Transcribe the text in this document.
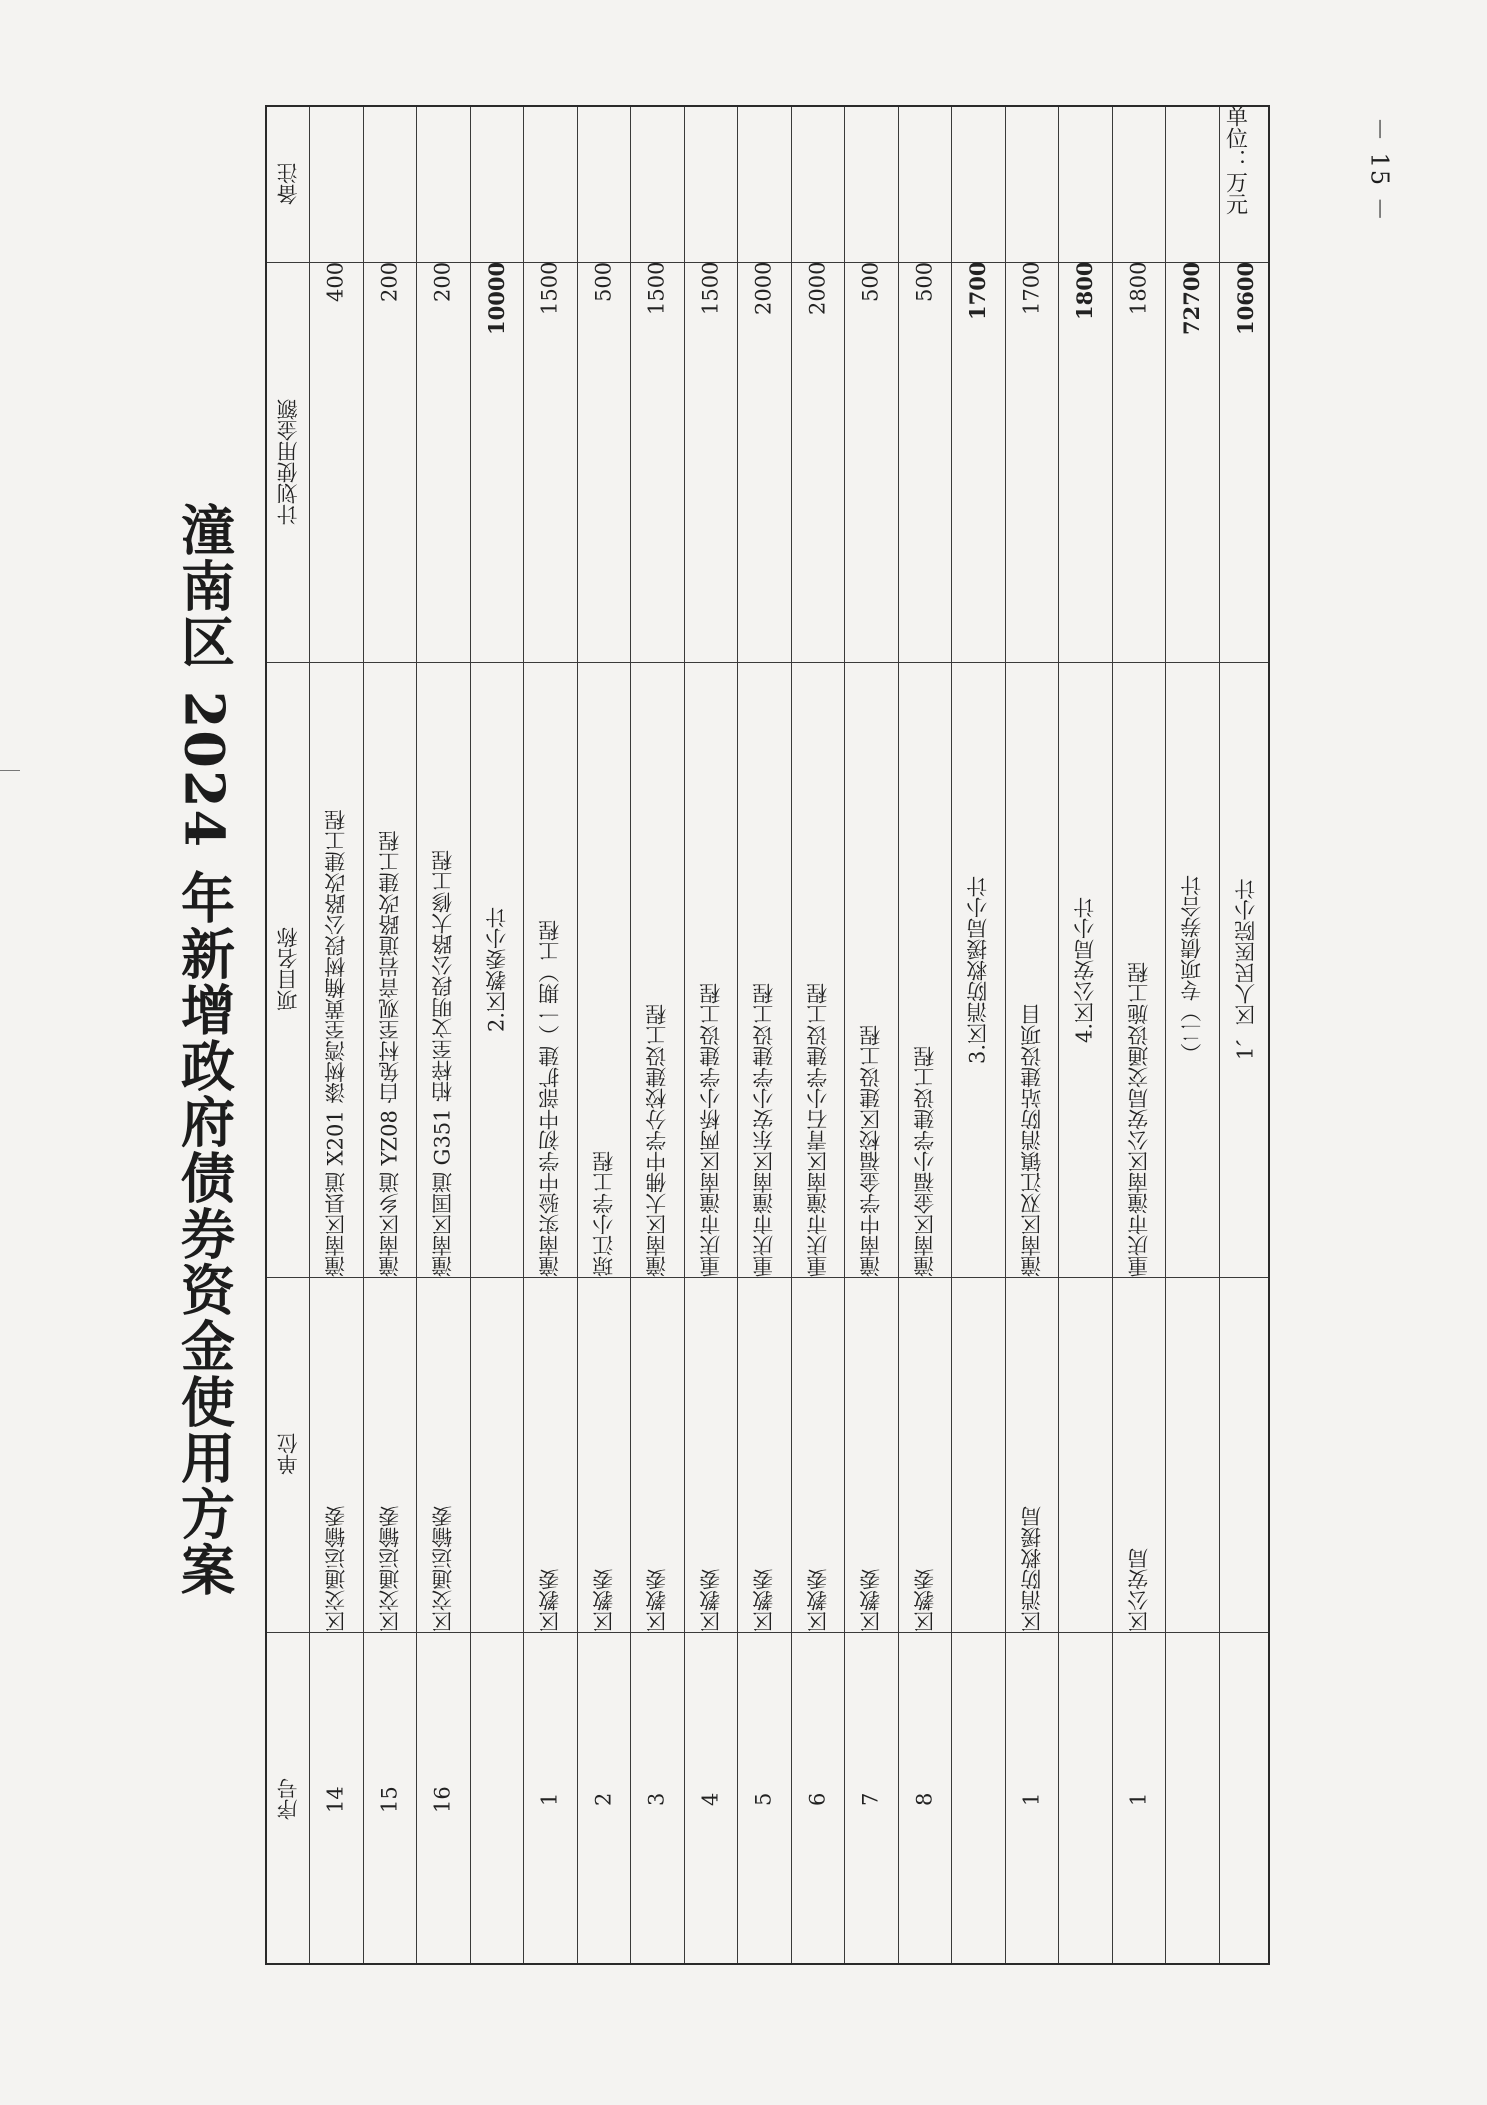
潼南区 2024 年新增政府债券资金使用方案
单位：万元	－ 15 －
序号
单位
项目名称
计划使用金额
备注
14
区交通运输委
潼南区县道 X201 漆树湾至黄桷树段公路改建工程
400
15
区交通运输委
潼南区乡道 YZ08 白兔村至观音岩道路改建工程
200
16
区交通运输委
潼南区国道 G351 柏梓至文明段公路大修工程
200
2.区教委小计
10000
1
区教委
潼南实验中学初中部扩建（一期）工程
1500
2
区教委
琼江小学工程
500
3
区教委
潼南区大佛中学分校建设工程
1500
4
区教委
重庆市潼南区两桥小学建设工程
1500
5
区教委
重庆市潼南区东安小学建设工程
2000
6
区教委
重庆市潼南区青石小学建设工程
2000
7
区教委
潼南中学金福校区建设工程
500
8
区教委
潼南区金福小学建设工程
500
3.区消防救援局小计
1700
1
区消防救援局
潼南区双江镇消防站建设项目
1700
4.区公安局小计
1800
1
区公安局
重庆市潼南区公安局交通设施工程
1800
（二）专项债券合计
72700
1、区人民医院小计
10600
